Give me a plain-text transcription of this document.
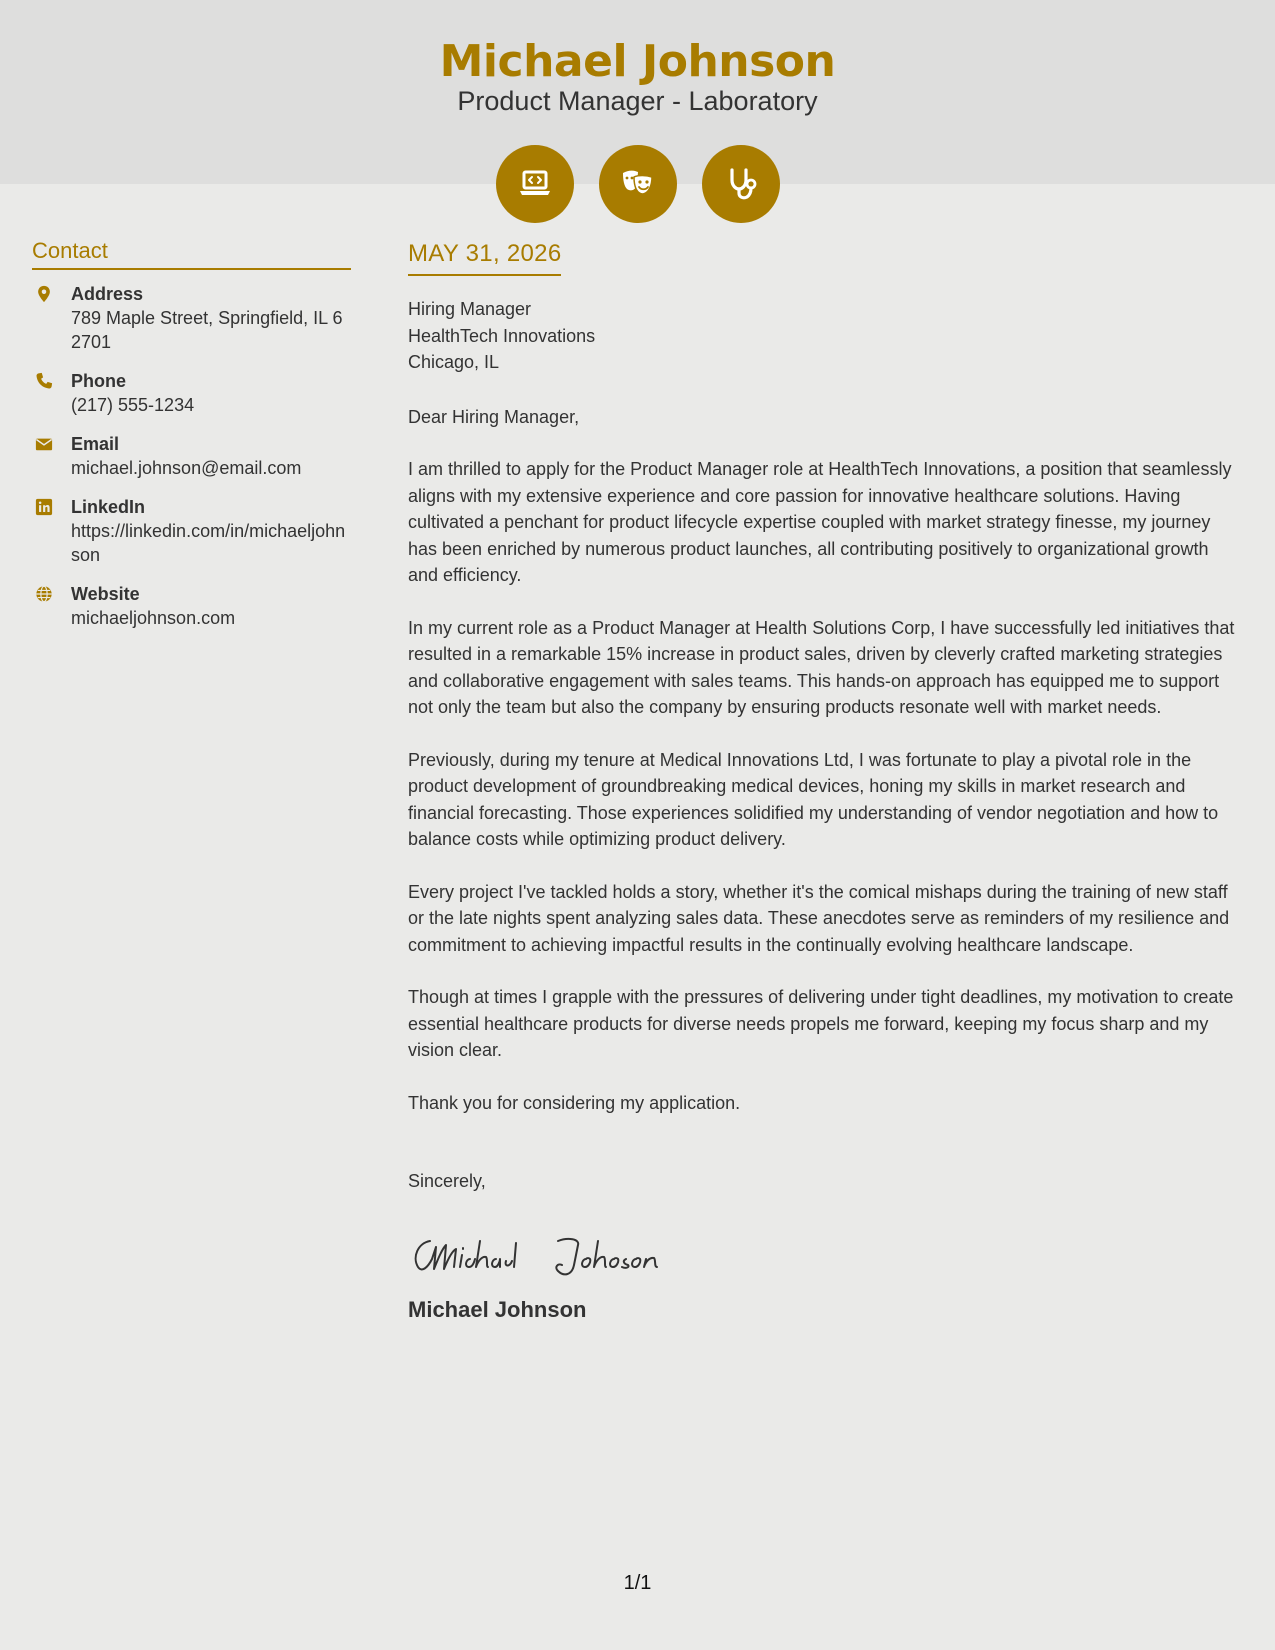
Michael Johnson
Product Manager - Laboratory
Contact
Address
789 Maple Street, Springfield, IL 62701
Phone
(217) 555-1234
Email
michael.johnson@email.com
LinkedIn
https://linkedin.com/in/michaeljohnson
Website
michaeljohnson.com
MAY 31, 2026
Hiring Manager
HealthTech Innovations
Chicago, IL
Dear Hiring Manager,

I am thrilled to apply for the Product Manager role at HealthTech Innovations, a position that seamlessly aligns with my extensive experience and core passion for innovative healthcare solutions. Having cultivated a penchant for product lifecycle expertise coupled with market strategy finesse, my journey has been enriched by numerous product launches, all contributing positively to organizational growth and efficiency.

In my current role as a Product Manager at Health Solutions Corp, I have successfully led initiatives that resulted in a remarkable 15% increase in product sales, driven by cleverly crafted marketing strategies and collaborative engagement with sales teams. This hands-on approach has equipped me to support not only the team but also the company by ensuring products resonate well with market needs.

Previously, during my tenure at Medical Innovations Ltd, I was fortunate to play a pivotal role in the product development of groundbreaking medical devices, honing my skills in market research and financial forecasting. Those experiences solidified my understanding of vendor negotiation and how to balance costs while optimizing product delivery.

Every project I've tackled holds a story, whether it's the comical mishaps during the training of new staff or the late nights spent analyzing sales data. These anecdotes serve as reminders of my resilience and commitment to achieving impactful results in the continually evolving healthcare landscape.

Though at times I grapple with the pressures of delivering under tight deadlines, my motivation to create essential healthcare products for diverse needs propels me forward, keeping my focus sharp and my vision clear.

Thank you for considering my application.

Sincerely,
Michael Johnson
1/1
